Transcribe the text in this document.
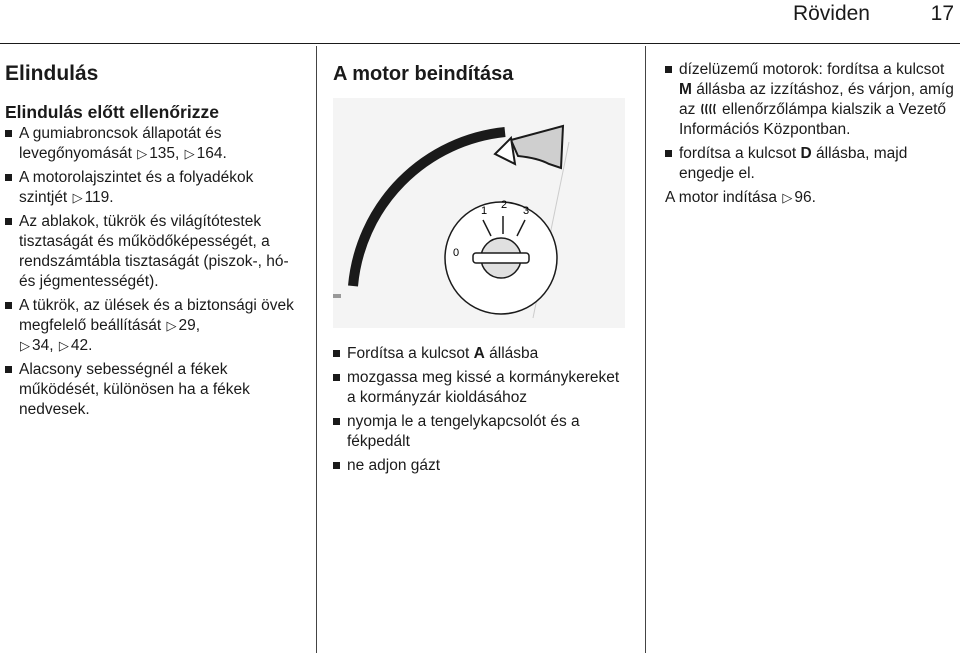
Röviden	17
Elindulás
Elindulás előtt ellenőrizze
A gumiabroncsok állapotát és levegőnyomását ▷ 135, ▷ 164.
A motorolajszintet és a folyadékok szintjét ▷ 119.
Az ablakok, tükrök és világítótestek tisztaságát és működőképességét, a rendszámtábla tisztaságát (piszok-, hó- és jégmentességét).
A tükrök, az ülések és a biztonsági övek megfelelő beállítását ▷ 29,
▷ 34, ▷ 42.
Alacsony sebességnél a fékek működését, különösen ha a fékek nedvesek.
A motor beindítása
1 2 3
0
Fordítsa a kulcsot A állásba
mozgassa meg kissé a kormánykereket a kormányzár kioldásához
nyomja le a tengelykapcsolót és a fékpedált
ne adjon gázt
dízelüzemű motorok: fordítsa a kulcsot M állásba az izzításhoz, és várjon, amíg az ellenőrzőlámpa kialszik a Vezető Információs Központban.
fordítsa a kulcsot D állásba, majd engedje el.

A motor indítása ▷ 96.
